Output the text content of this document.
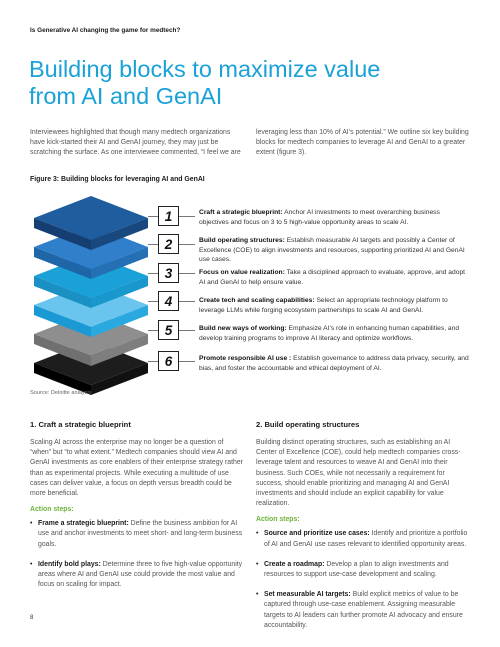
Is Generative AI changing the game for medtech?
Building blocks to maximize value
from AI and GenAI

Interviewees highlighted that though many medtech organizations have kick-started their AI and GenAI journey, they may just be scratching the surface. As one interviewee commented, “I feel we are

leveraging less than 10% of AI’s potential.” We outline six key building blocks for medtech companies to leverage AI and GenAI to a greater extent (figure 3).

Figure 3: Building blocks for leveraging AI and GenAI
1	Craft a strategic blueprint: Anchor AI investments to meet overarching business objectives and focus on 3 to 5 high-value opportunity areas to scale AI.
2	Build operating structures: Establish measurable AI targets and possibly a Center of Excellence (COE) to align investments and resources, supporting prioritized AI and GenAI use cases.
3	Focus on value realization: Take a disciplined approach to evaluate, approve, and adopt AI and GenAI to help ensure value.
4	Create tech and scaling capabilities: Select an appropriate technology platform to leverage LLMs while forging ecosystem partnerships to scale AI and GenAI.
5	Build new ways of working: Emphasize AI’s role in enhancing human capabilities, and develop training programs to improve AI literacy and optimize workflows.
6	Promote responsible AI use : Establish governance to address data privacy, security, and bias, and foster the accountable and ethical deployment of AI.
Source: Deloitte analysis
1. Craft a strategic blueprint

Scaling AI across the enterprise may no longer be a question of “when” but “to what extent.” Medtech companies should view AI and GenAI investments as core enablers of their enterprise strategy rather than as experimental projects. While executing a multitude of use cases can deliver value, a focus on depth versus breadth could be more beneficial.

Action steps:
• Frame a strategic blueprint: Define the business ambition for AI use and anchor investments to meet short- and long-term business goals.
• Identify bold plays: Determine three to five high-value opportunity areas where AI and GenAI use could provide the most value and focus on scaling for impact.
2. Build operating structures

Building distinct operating structures, such as establishing an AI Center of Excellence (COE), could help medtech companies cross-leverage talent and resources to weave AI and GenAI into their business. Such COEs, while not necessarily a requirement for success, should enable prioritizing and managing AI and GenAI investments and should include an explicit capability for value realization.

Action steps:
• Source and prioritize use cases: Identify and prioritize a portfolio of AI and GenAI use cases relevant to identified opportunity areas.
• Create a roadmap: Develop a plan to align investments and resources to support use-case development and scaling.
• Set measurable AI targets: Build explicit metrics of value to be captured through use-case enablement. Assigning measurable targets to AI leaders can further promote AI advocacy and ensure accountability.
8
